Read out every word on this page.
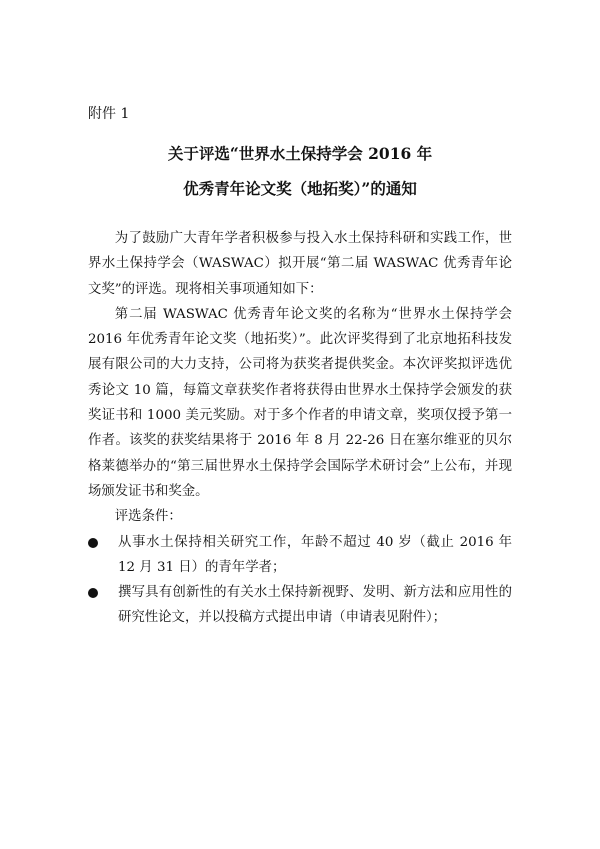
附件 1

关于评选“世界水土保持学会 2016 年
优秀青年论文奖（地拓奖）”的通知

为了鼓励广大青年学者积极参与投入水土保持科研和实践工作，世界水土保持学会（WASWAC）拟开展“第二届 WASWAC 优秀青年论文奖”的评选。现将相关事项通知如下：

第二届 WASWAC 优秀青年论文奖的名称为“世界水土保持学会 2016 年优秀青年论文奖（地拓奖）”。此次评奖得到了北京地拓科技发展有限公司的大力支持，公司将为获奖者提供奖金。本次评奖拟评选优秀论文 10 篇，每篇文章获奖作者将获得由世界水土保持学会颁发的获奖证书和 1000 美元奖励。对于多个作者的申请文章，奖项仅授予第一作者。该奖的获奖结果将于 2016 年 8 月 22-26 日在塞尔维亚的贝尔格莱德举办的“第三届世界水土保持学会国际学术研讨会”上公布，并现场颁发证书和奖金。

评选条件：

从事水土保持相关研究工作，年龄不超过 40 岁（截止 2016 年 12 月 31 日）的青年学者；
撰写具有创新性的有关水土保持新视野、发明、新方法和应用性的研究性论文，并以投稿方式提出申请（申请表见附件）；
